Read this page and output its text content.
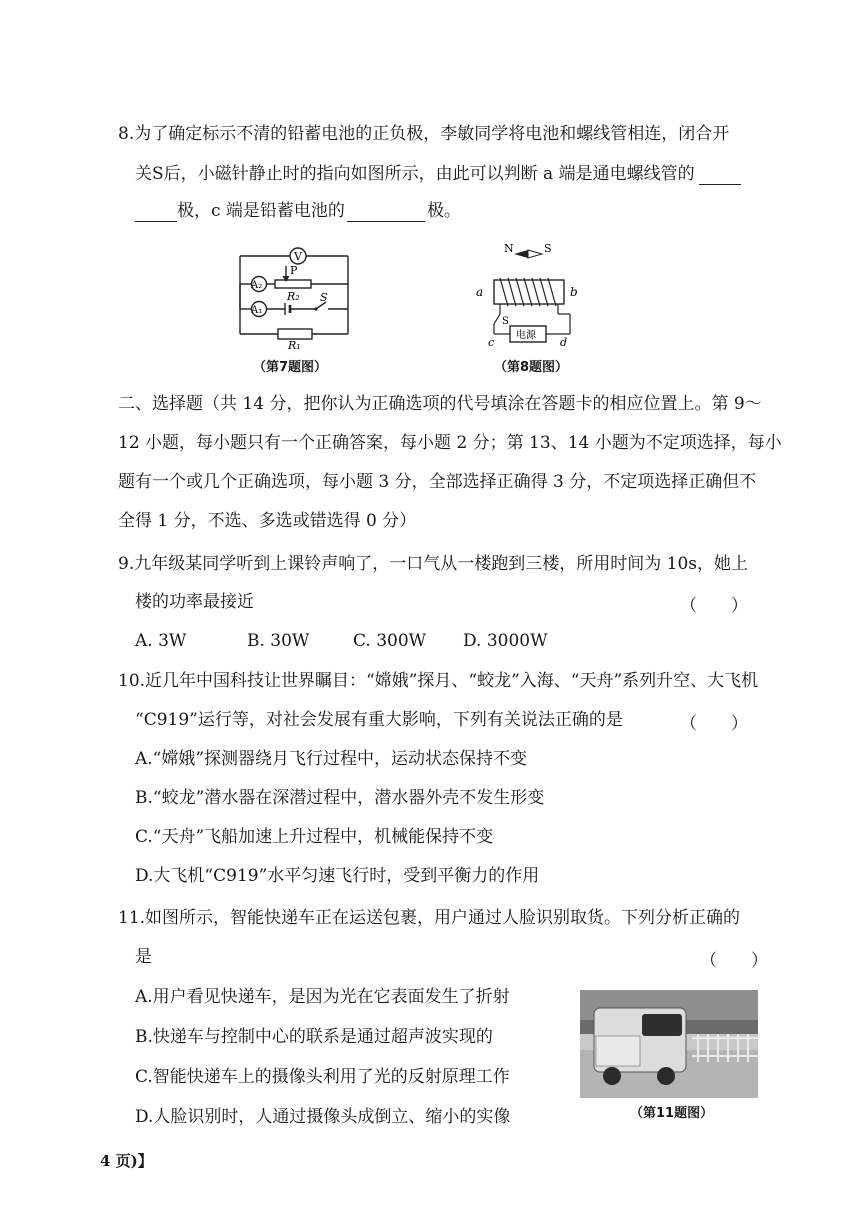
8.为了确定标示不清的铅蓄电池的正负极，李敏同学将电池和螺线管相连，闭合开
关S后，小磁针静止时的指向如图所示，由此可以判断 a 端是通电螺线管的
极，c 端是铅蓄电池的	极。
V
A₂
A₁
P
R₂ S
R₁
（第7题图）
N	S
电源
a	b
S
c	d
（第8题图）
二、选择题（共 14 分，把你认为正确选项的代号填涂在答题卡的相应位置上。第 9～
12 小题，每小题只有一个正确答案，每小题 2 分；第 13、14 小题为不定项选择，每小
题有一个或几个正确选项，每小题 3 分，全部选择正确得 3 分，不定项选择正确但不
全得 1 分，不选、多选或错选得 0 分）
9.九年级某同学听到上课铃声响了，一口气从一楼跑到三楼，所用时间为 10s，她上
楼的功率最接近	（　　）
A. 3W	B. 30W	C. 300W D. 3000W
10.近几年中国科技让世界瞩目：“嫦娥”探月、“蛟龙”入海、“天舟”系列升空、大飞机
“C919”运行等，对社会发展有重大影响，下列有关说法正确的是	（　　）
A.“嫦娥”探测器绕月飞行过程中，运动状态保持不变
B.“蛟龙”潜水器在深潜过程中，潜水器外壳不发生形变
C.“天舟”飞船加速上升过程中，机械能保持不变
D.大飞机“C919”水平匀速飞行时，受到平衡力的作用
11.如图所示，智能快递车正在运送包裹，用户通过人脸识别取货。下列分析正确的
是	（　　）
A.用户看见快递车，是因为光在它表面发生了折射
B.快递车与控制中心的联系是通过超声波实现的
C.智能快递车上的摄像头利用了光的反射原理工作
D.人脸识别时，人通过摄像头成倒立、缩小的实像	（第11题图）
4 页)】
